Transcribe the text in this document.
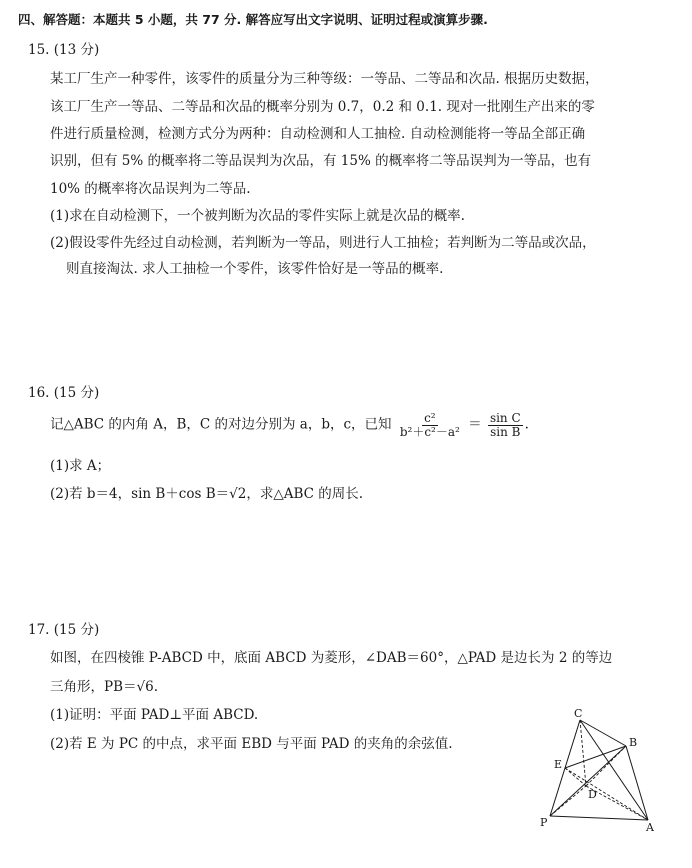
四、解答题：本题共 5 小题，共 77 分. 解答应写出文字说明、证明过程或演算步骤.
15. (13 分)
某工厂生产一种零件，该零件的质量分为三种等级：一等品、二等品和次品. 根据历史数据，
该工厂生产一等品、二等品和次品的概率分别为 0.7，0.2 和 0.1. 现对一批刚生产出来的零
件进行质量检测，检测方式分为两种：自动检测和人工抽检. 自动检测能将一等品全部正确
识别，但有 5% 的概率将二等品误判为次品，有 15% 的概率将二等品误判为一等品，也有
10% 的概率将次品误判为二等品.
(1)求在自动检测下，一个被判断为次品的零件实际上就是次品的概率.
(2)假设零件先经过自动检测，若判断为一等品，则进行人工抽检；若判断为二等品或次品，
则直接淘汰. 求人工抽检一个零件，该零件恰好是一等品的概率.
16. (15 分)
记△ABC 的内角 A，B，C 的对边分别为 a，b，c，已知 $\frac{\text{c²}}{\text{b²＋c²－a²}} = \frac{\text{sin C}}{\text{sin B}}$ .
(1)求 A；
(2)若 b＝4，sin B＋cos B＝√2，求△ABC 的周长.
17. (15 分)
如图，在四棱锥 P-ABCD 中，底面 ABCD 为菱形，∠DAB＝60°，△PAD 是边长为 2 的等边
三角形，PB＝√6.
(1)证明：平面 PAD⊥平面 ABCD.
(2)若 E 为 PC 的中点，求平面 EBD 与平面 PAD 的夹角的余弦值.
C
B
D
E
P	A
